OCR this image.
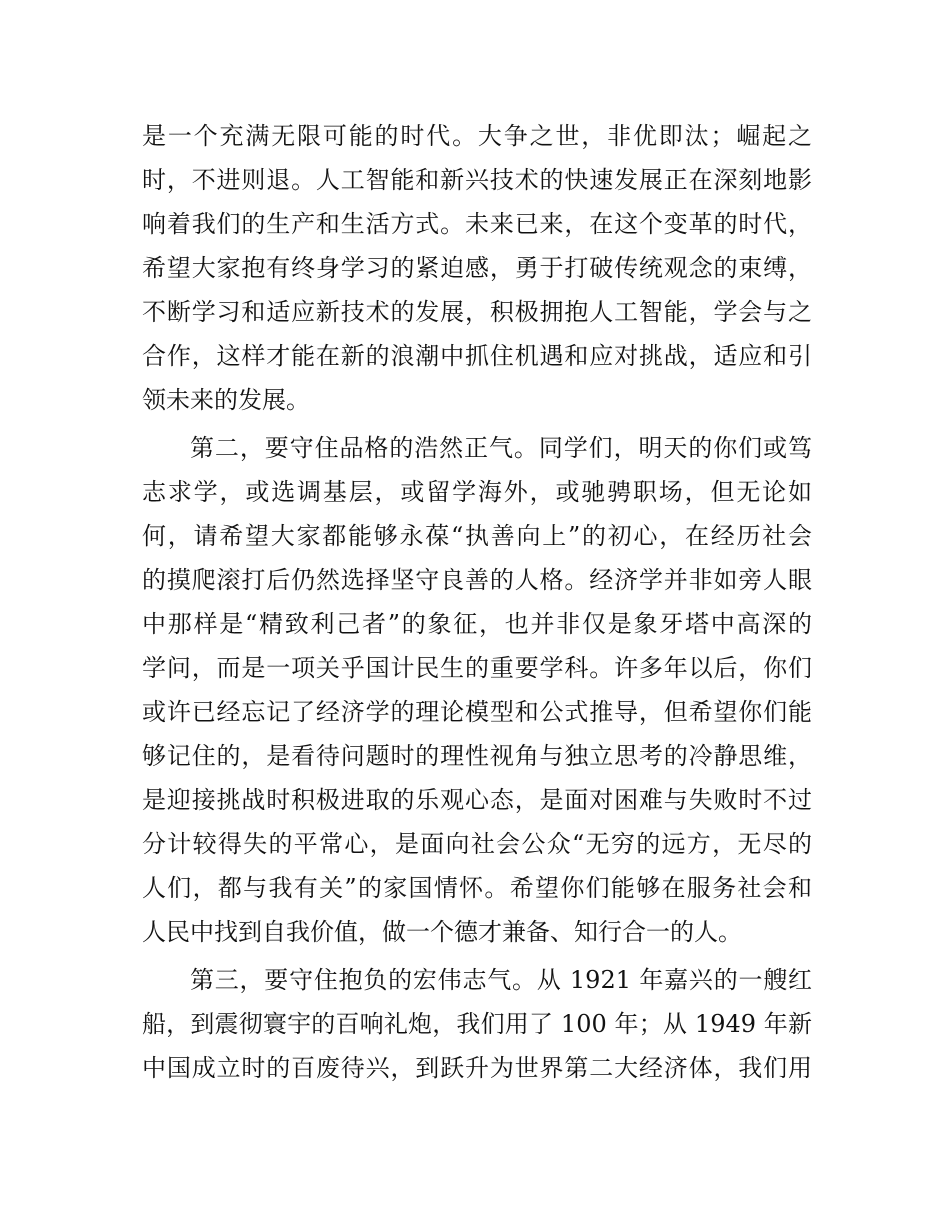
是一个充满无限可能的时代。大争之世，非优即汰；崛起之
时，不进则退。人工智能和新兴技术的快速发展正在深刻地影
响着我们的生产和生活方式。未来已来，在这个变革的时代，
希望大家抱有终身学习的紧迫感，勇于打破传统观念的束缚，
不断学习和适应新技术的发展，积极拥抱人工智能，学会与之
合作，这样才能在新的浪潮中抓住机遇和应对挑战，适应和引
领未来的发展。
第二，要守住品格的浩然正气。同学们，明天的你们或笃
志求学，或选调基层，或留学海外，或驰骋职场，但无论如
何，请希望大家都能够永葆“执善向上”的初心，在经历社会
的摸爬滚打后仍然选择坚守良善的人格。经济学并非如旁人眼
中那样是“精致利己者”的象征，也并非仅是象牙塔中高深的
学问，而是一项关乎国计民生的重要学科。许多年以后，你们
或许已经忘记了经济学的理论模型和公式推导，但希望你们能
够记住的，是看待问题时的理性视角与独立思考的冷静思维，
是迎接挑战时积极进取的乐观心态，是面对困难与失败时不过
分计较得失的平常心，是面向社会公众“无穷的远方，无尽的
人们，都与我有关”的家国情怀。希望你们能够在服务社会和
人民中找到自我价值，做一个德才兼备、知行合一的人。
第三，要守住抱负的宏伟志气。从 1921 年嘉兴的一艘红
船，到震彻寰宇的百响礼炮，我们用了 100 年；从 1949 年新
中国成立时的百废待兴，到跃升为世界第二大经济体，我们用
